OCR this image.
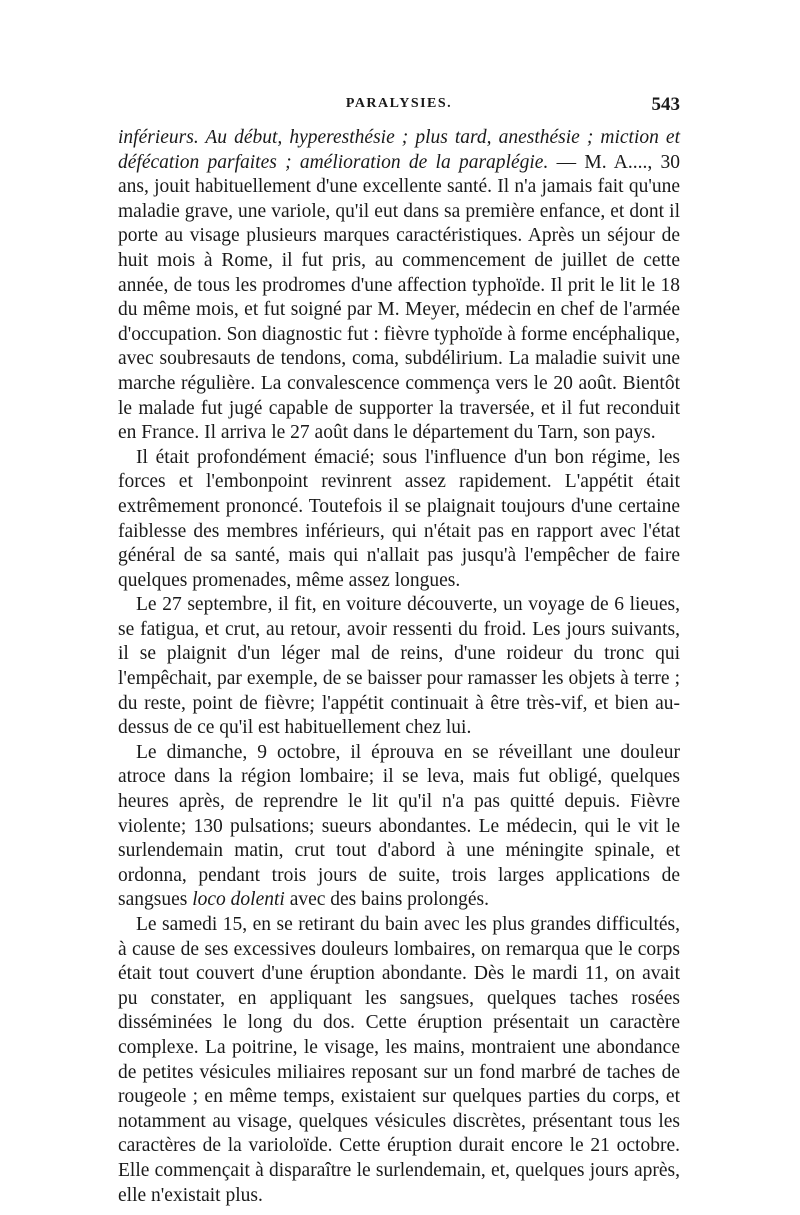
PARALYSIES.	543

inférieurs. Au début, hyperesthésie ; plus tard, anesthésie ; miction et défécation parfaites ; amélioration de la paraplégie. — M. A...., 30 ans, jouit habituellement d'une excellente santé. Il n'a jamais fait qu'une maladie grave, une variole, qu'il eut dans sa première enfance, et dont il porte au visage plusieurs marques caractéristiques. Après un séjour de huit mois à Rome, il fut pris, au commencement de juillet de cette année, de tous les prodromes d'une affection typhoïde. Il prit le lit le 18 du même mois, et fut soigné par M. Meyer, médecin en chef de l'armée d'occupation. Son diagnostic fut : fièvre typhoïde à forme encéphalique, avec soubresauts de tendons, coma, subdélirium. La maladie suivit une marche régulière. La convalescence commença vers le 20 août. Bientôt le malade fut jugé capable de supporter la traversée, et il fut reconduit en France. Il arriva le 27 août dans le département du Tarn, son pays.

Il était profondément émacié; sous l'influence d'un bon régime, les forces et l'embonpoint revinrent assez rapidement. L'appétit était extrêmement prononcé. Toutefois il se plaignait toujours d'une certaine faiblesse des membres inférieurs, qui n'était pas en rapport avec l'état général de sa santé, mais qui n'allait pas jusqu'à l'empêcher de faire quelques promenades, même assez longues.

Le 27 septembre, il fit, en voiture découverte, un voyage de 6 lieues, se fatigua, et crut, au retour, avoir ressenti du froid. Les jours suivants, il se plaignit d'un léger mal de reins, d'une roideur du tronc qui l'empêchait, par exemple, de se baisser pour ramasser les objets à terre ; du reste, point de fièvre; l'appétit continuait à être très-vif, et bien au-dessus de ce qu'il est habituellement chez lui.

Le dimanche, 9 octobre, il éprouva en se réveillant une douleur atroce dans la région lombaire; il se leva, mais fut obligé, quelques heures après, de reprendre le lit qu'il n'a pas quitté depuis. Fièvre violente; 130 pulsations; sueurs abondantes. Le médecin, qui le vit le surlendemain matin, crut tout d'abord à une méningite spinale, et ordonna, pendant trois jours de suite, trois larges applications de sangsues loco dolenti avec des bains prolongés.

Le samedi 15, en se retirant du bain avec les plus grandes difficultés, à cause de ses excessives douleurs lombaires, on remarqua que le corps était tout couvert d'une éruption abondante. Dès le mardi 11, on avait pu constater, en appliquant les sangsues, quelques taches rosées disséminées le long du dos. Cette éruption présentait un caractère complexe. La poitrine, le visage, les mains, montraient une abondance de petites vésicules miliaires reposant sur un fond marbré de taches de rougeole ; en même temps, existaient sur quelques parties du corps, et notamment au visage, quelques vésicules discrètes, présentant tous les caractères de la varioloïde. Cette éruption durait encore le 21 octobre. Elle commençait à disparaître le surlendemain, et, quelques jours après, elle n'existait plus.
